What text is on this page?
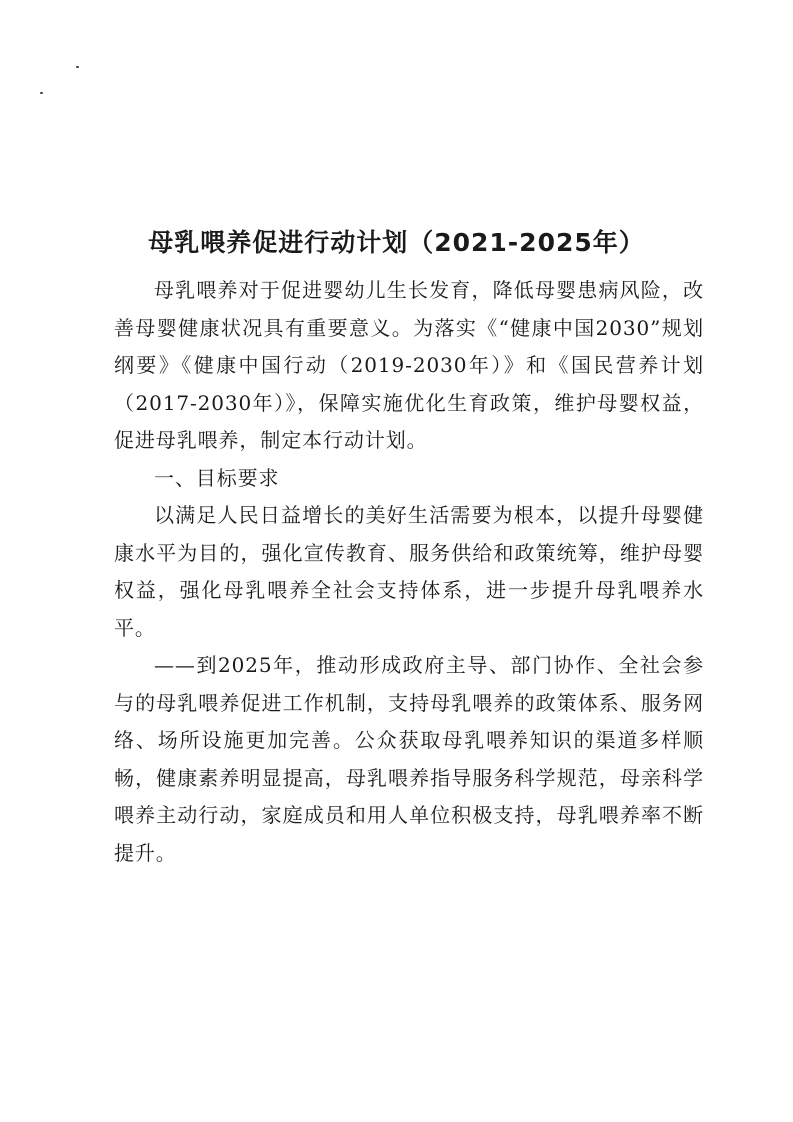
母乳喂养促进行动计划（2021-2025年）

母乳喂养对于促进婴幼儿生长发育，降低母婴患病风险，改善母婴健康状况具有重要意义。为落实《“健康中国2030”规划纲要》《健康中国行动（2019-2030年）》和《国民营养计划（2017-2030年）》，保障实施优化生育政策，维护母婴权益，促进母乳喂养，制定本行动计划。

一、目标要求

以满足人民日益增长的美好生活需要为根本，以提升母婴健康水平为目的，强化宣传教育、服务供给和政策统筹，维护母婴权益，强化母乳喂养全社会支持体系，进一步提升母乳喂养水平。

——到2025年，推动形成政府主导、部门协作、全社会参与的母乳喂养促进工作机制，支持母乳喂养的政策体系、服务网络、场所设施更加完善。公众获取母乳喂养知识的渠道多样顺畅，健康素养明显提高，母乳喂养指导服务科学规范，母亲科学喂养主动行动，家庭成员和用人单位积极支持，母乳喂养率不断提升。
